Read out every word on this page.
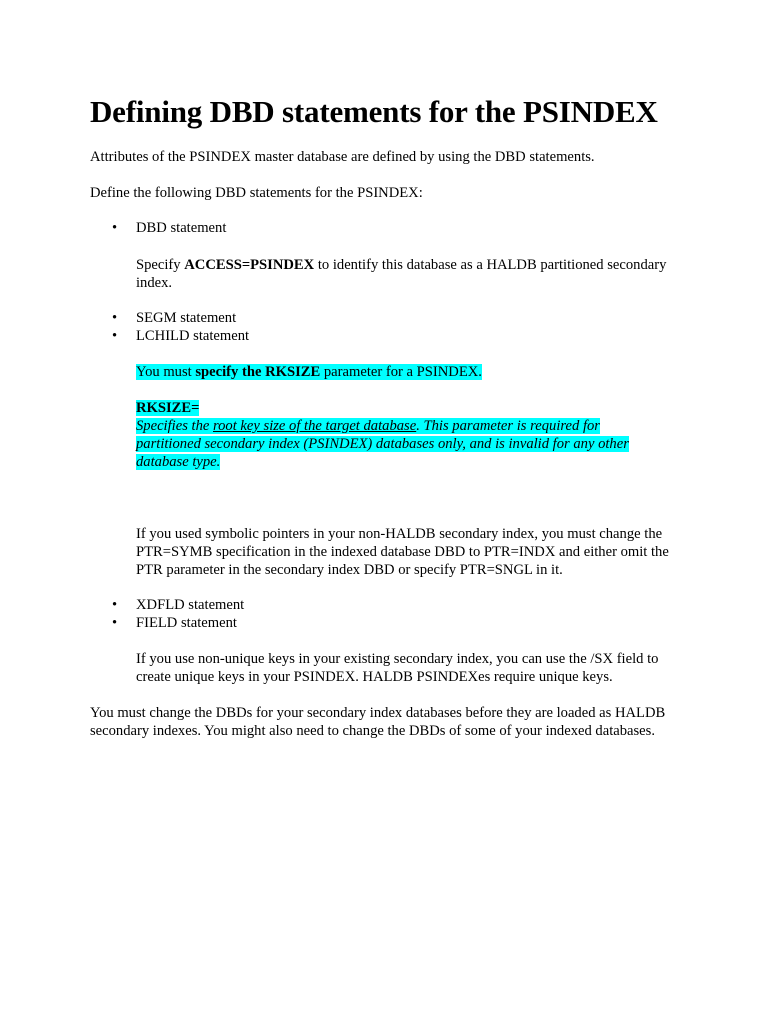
Defining DBD statements for the PSINDEX

Attributes of the PSINDEX master database are defined by using the DBD statements.

Define the following DBD statements for the PSINDEX:

•	DBD statement

Specify ACCESS=PSINDEX to identify this database as a HALDB partitioned secondary index.

•	SEGM statement
•	LCHILD statement

You must specify the RKSIZE parameter for a PSINDEX.

RKSIZE=

Specifies the root key size of the target database. This parameter is required for partitioned secondary index (PSINDEX) databases only, and is invalid for any other database type.

If you used symbolic pointers in your non-HALDB secondary index, you must change the PTR=SYMB specification in the indexed database DBD to PTR=INDX and either omit the PTR parameter in the secondary index DBD or specify PTR=SNGL in it.

•	XDFLD statement
•	FIELD statement

If you use non-unique keys in your existing secondary index, you can use the /SX field to create unique keys in your PSINDEX. HALDB PSINDEXes require unique keys.

You must change the DBDs for your secondary index databases before they are loaded as HALDB secondary indexes. You might also need to change the DBDs of some of your indexed databases.
